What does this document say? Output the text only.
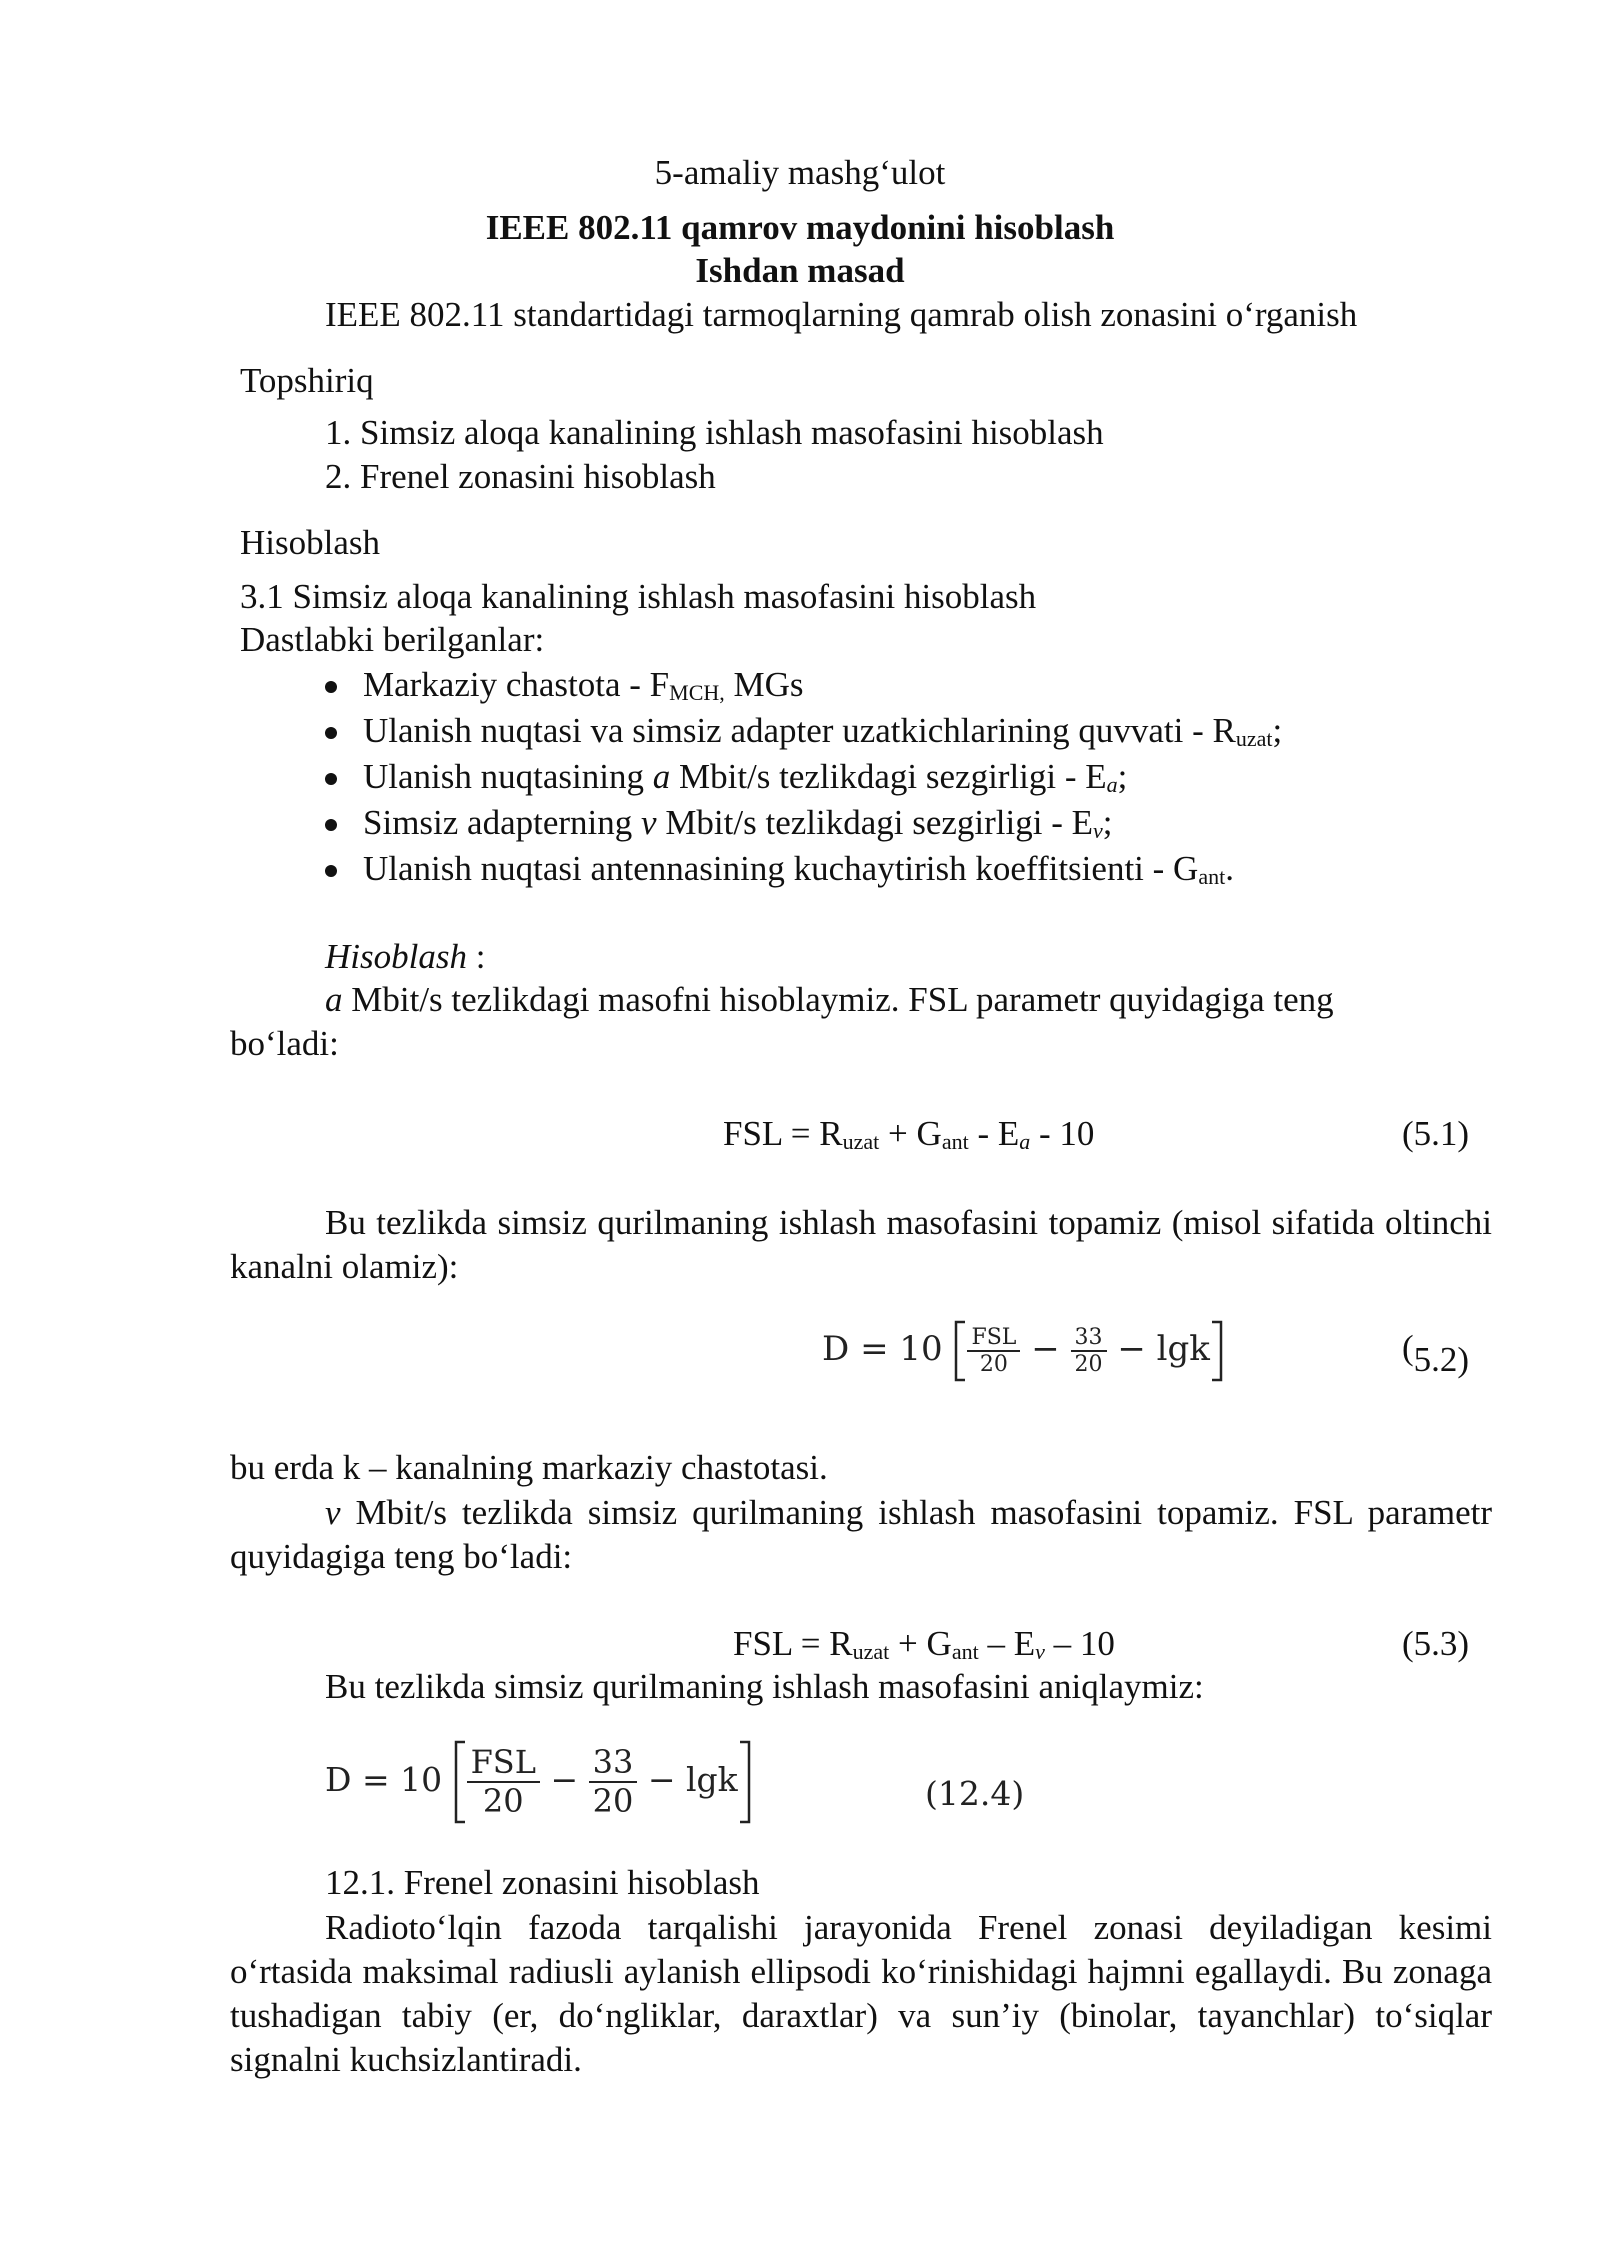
5-amaliy mashg‘ulot
IEEE 802.11 qamrov maydonini hisoblash
Ishdan masad
IEEE 802.11 standartidagi tarmoqlarning qamrab olish zonasini o‘rganish
Topshiriq
1. Simsiz aloqa kanalining ishlash masofasini hisoblash
2. Frenel zonasini hisoblash
Hisoblash
3.1 Simsiz aloqa kanalining ishlash masofasini hisoblash
Dastlabki berilganlar:
Markaziy chastota - $F_{MCH,}$ MGs
Ulanish nuqtasi va simsiz adapter uzatkichlarining quvvati - $R_{uzat}$;
Ulanish nuqtasining a Mbit/s tezlikdagi sezgirligi - $E_a$;
Simsiz adapterning v Mbit/s tezlikdagi sezgirligi - $E_v$;
Ulanish nuqtasi antennasining kuchaytirish koeffitsienti - $G_{ant}$.
Hisoblash :
a Mbit/s tezlikdagi masofni hisoblaymiz. FSL parametr quyidagiga teng
bo‘ladi:
FSL = $R_{uzat} + G_{ant} - E_a - 10$	(5.1)
Bu tezlikda simsiz qurilmaning ishlash masofasini topamiz (misol sifatida oltinchi kanalni olamiz):
$D = 10 \frac{\text{FSL}}{20} - \frac{33}{20} - \lg k$	(5.2)
bu erda k – kanalning markaziy chastotasi.
v Mbit/s tezlikda simsiz qurilmaning ishlash masofasini topamiz. FSL parametr quyidagiga teng bo‘ladi:
FSL = $R_{uzat} + G_{ant} - E_v - 10$	(5.3)
Bu tezlikda simsiz qurilmaning ishlash masofasini aniqlaymiz:
$D = 10 \frac{\text{FSL}}{20} - \frac{33}{20} - \lg k$	(12.4)
12.1. Frenel zonasini hisoblash
Radioto‘lqin fazoda tarqalishi jarayonida Frenel zonasi deyiladigan kesimi o‘rtasida maksimal radiusli aylanish ellipsodi ko‘rinishidagi hajmni egallaydi. Bu zonaga tushadigan tabiy (er, do‘ngliklar, daraxtlar) va sun’iy (binolar, tayanchlar) to‘siqlar signalni kuchsizlantiradi.
